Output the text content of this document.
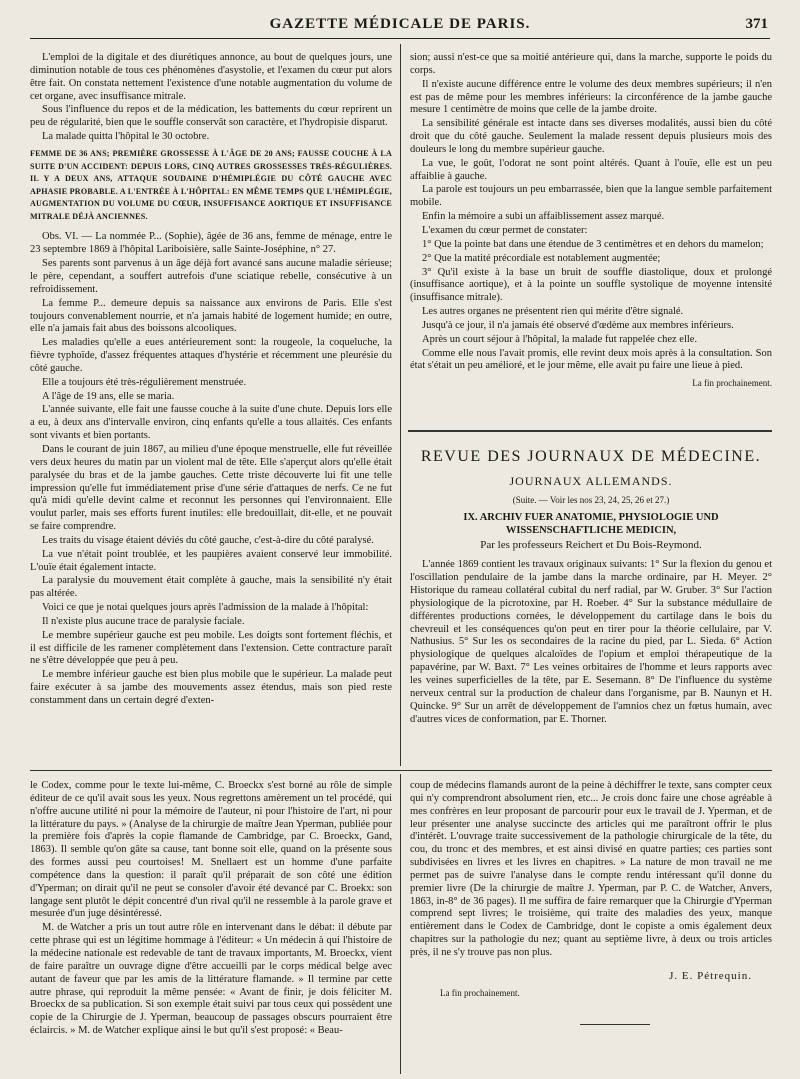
GAZETTE MÉDICALE DE PARIS.	371

L'emploi de la digitale et des diurétiques annonce, au bout de quelques jours, une diminution notable de tous ces phénomènes d'asystolie, et l'examen du cœur put alors être fait. On constata nettement l'existence d'une notable augmentation du volume de cet organe, avec insuffisance mitrale.

Sous l'influence du repos et de la médication, les battements du cœur reprirent un peu de régularité, bien que le souffle conservât son caractère, et l'hydropisie disparut.

La malade quitta l'hôpital le 30 octobre.

FEMME DE 36 ANS; PREMIÈRE GROSSESSE À L'ÂGE DE 20 ANS; FAUSSE COUCHE À LA SUITE D'UN ACCIDENT: DEPUIS LORS, CINQ AUTRES GROSSESSES TRÈS-RÉGULIÈRES. IL Y A DEUX ANS, ATTAQUE SOUDAINE D'HÉMIPLÉGIE DU CÔTÉ GAUCHE AVEC APHASIE PROBABLE. A L'ENTRÉE À L'HÔPITAL: EN MÊME TEMPS QUE L'HÉMIPLÉGIE, AUGMENTATION DU VOLUME DU CŒUR, INSUFFISANCE AORTIQUE ET INSUFFISANCE MITRALE DÉJÀ ANCIENNES.

Obs. VI. — La nommée P... (Sophie), âgée de 36 ans, femme de ménage, entre le 23 septembre 1869 à l'hôpital Lariboisière, salle Sainte-Joséphine, n° 27.

Ses parents sont parvenus à un âge déjà fort avancé sans aucune maladie sérieuse; le père, cependant, a souffert autrefois d'une sciatique rebelle, consécutive à un refroidissement.

La femme P... demeure depuis sa naissance aux environs de Paris. Elle s'est toujours convenablement nourrie, et n'a jamais habité de logement humide; en outre, elle n'a jamais fait abus des boissons alcooliques.

Les maladies qu'elle a eues antérieurement sont: la rougeole, la coqueluche, la fièvre typhoïde, d'assez fréquentes attaques d'hystérie et récemment une pleurésie du côté gauche.

Elle a toujours été très-régulièrement menstruée.

A l'âge de 19 ans, elle se maria.

L'année suivante, elle fait une fausse couche à la suite d'une chute. Depuis lors elle a eu, à deux ans d'intervalle environ, cinq enfants qu'elle a tous allaités. Ces enfants sont vivants et bien portants.

Dans le courant de juin 1867, au milieu d'une époque menstruelle, elle fut réveillée vers deux heures du matin par un violent mal de tête. Elle s'aperçut alors qu'elle était paralysée du bras et de la jambe gauches. Cette triste découverte lui fit une telle impression qu'elle fut immédiatement prise d'une série d'attaques de nerfs. Ce ne fut qu'à midi qu'elle devint calme et reconnut les personnes qui l'environnaient. Elle voulut parler, mais ses efforts furent inutiles: elle bredouillait, dit-elle, et ne pouvait se faire comprendre.

Les traits du visage étaient déviés du côté gauche, c'est-à-dire du côté paralysé.

La vue n'était point troublée, et les paupières avaient conservé leur immobilité. L'ouïe était également intacte.

La paralysie du mouvement était complète à gauche, mais la sensibilité n'y était pas altérée.

Voici ce que je notai quelques jours après l'admission de la malade à l'hôpital:

Il n'existe plus aucune trace de paralysie faciale.

Le membre supérieur gauche est peu mobile. Les doigts sont fortement fléchis, et il est difficile de les ramener complètement dans l'extension. Cette contracture paraît ne s'être développée que peu à peu.

Le membre inférieur gauche est bien plus mobile que le supérieur. La malade peut faire exécuter à sa jambe des mouvements assez étendus, mais son pied reste constamment dans un certain degré d'exten-

sion; aussi n'est-ce que sa moitié antérieure qui, dans la marche, supporte le poids du corps.

Il n'existe aucune différence entre le volume des deux membres supérieurs; il n'en est pas de même pour les membres inférieurs: la circonférence de la jambe gauche mesure 1 centimètre de moins que celle de la jambe droite.

La sensibilité générale est intacte dans ses diverses modalités, aussi bien du côté droit que du côté gauche. Seulement la malade ressent depuis plusieurs mois des douleurs le long du membre supérieur gauche.

La vue, le goût, l'odorat ne sont point altérés. Quant à l'ouïe, elle est un peu affaiblie à gauche.

La parole est toujours un peu embarrassée, bien que la langue semble parfaitement mobile.

Enfin la mémoire a subi un affaiblissement assez marqué.

L'examen du cœur permet de constater:

1° Que la pointe bat dans une étendue de 3 centimètres et en dehors du mamelon;

2° Que la matité précordiale est notablement augmentée;

3° Qu'il existe à la base un bruit de souffle diastolique, doux et prolongé (insuffisance aortique), et à la pointe un souffle systolique de moyenne intensité (insuffisance mitrale).

Les autres organes ne présentent rien qui mérite d'être signalé.

Jusqu'à ce jour, il n'a jamais été observé d'œdème aux membres inférieurs.

Après un court séjour à l'hôpital, la malade fut rappelée chez elle.

Comme elle nous l'avait promis, elle revint deux mois après à la consultation. Son état s'était un peu amélioré, et le jour même, elle avait pu faire une lieue à pied.

La fin prochainement.
REVUE DES JOURNAUX DE MÉDECINE.
JOURNAUX ALLEMANDS.
(Suite. — Voir les nos 23, 24, 25, 26 et 27.)
IX. ARCHIV FUER ANATOMIE, PHYSIOLOGIE UND WISSENSCHAFTLICHE MEDICIN,
Par les professeurs Reichert et Du Bois-Reymond.

L'année 1869 contient les travaux originaux suivants: 1° Sur la flexion du genou et l'oscillation pendulaire de la jambe dans la marche ordinaire, par H. Meyer. 2° Historique du rameau collatéral cubital du nerf radial, par W. Gruber. 3° Sur l'action physiologique de la picrotoxine, par H. Roeber. 4° Sur la substance médullaire de différentes productions cornées, le développement du cartilage dans le bois du chevreuil et les conséquences qu'on peut en tirer pour la théorie cellulaire, par V. Nathusius. 5° Sur les os secondaires de la racine du pied, par L. Sieda. 6° Action physiologique de quelques alcaloïdes de l'opium et emploi thérapeutique de la papavérine, par W. Baxt. 7° Les veines orbitaires de l'homme et leurs rapports avec les veines superficielles de la tête, par E. Sesemann. 8° De l'influence du système nerveux central sur la production de chaleur dans l'organisme, par B. Naunyn et H. Quincke. 9° Sur un arrêt de développement de l'amnios chez un fœtus humain, avec d'autres vices de conformation, par E. Thorner.

le Codex, comme pour le texte lui-même, C. Broeckx s'est borné au rôle de simple éditeur de ce qu'il avait sous les yeux. Nous regrettons amèrement un tel procédé, qui n'offre aucune utilité ni pour la mémoire de l'auteur, ni pour l'histoire de l'art, ni pour la littérature du pays. » (Analyse de la chirurgie de maître Jean Yperman, publiée pour la première fois d'après la copie flamande de Cambridge, par C. Broeckx, Gand, 1863). Il semble qu'on gâte sa cause, tant bonne soit elle, quand on la présente sous des formes aussi peu courtoises! M. Snellaert est un homme d'une parfaite compétence dans la question: il paraît qu'il préparait de son côté une édition d'Yperman; on dirait qu'il ne peut se consoler d'avoir été devancé par C. Broekx: son langage sent plutôt le dépit concentré d'un rival qu'il ne ressemble à la parole grave et mesurée d'un juge désintéressé.

M. de Watcher a pris un tout autre rôle en intervenant dans le débat: il débute par cette phrase qui est un légitime hommage à l'éditeur: « Un médecin à qui l'histoire de la médecine nationale est redevable de tant de travaux importants, M. Broeckx, vient de faire paraître un ouvrage digne d'être accueilli par le corps médical belge avec autant de faveur que par les amis de la littérature flamande. » Il termine par cette autre phrase, qui reproduit la même pensée: « Avant de finir, je dois féliciter M. Broeckx de sa publication. Si son exemple était suivi par tous ceux qui possèdent une copie de la Chirurgie de J. Yperman, beaucoup de passages obscurs pourraient être éclaircis. » M. de Watcher explique ainsi le but qu'il s'est proposé: « Beau-

coup de médecins flamands auront de la peine à déchiffrer le texte, sans compter ceux qui n'y comprendront absolument rien, etc... Je crois donc faire une chose agréable à mes confrères en leur proposant de parcourir pour eux le travail de J. Yperman, et de leur présenter une analyse succincte des articles qui me paraîtront offrir le plus d'intérêt. L'ouvrage traite successivement de la pathologie chirurgicale de la tête, du cou, du tronc et des membres, et est ainsi divisé en quatre parties; ces parties sont subdivisées en livres et les livres en chapitres. » La nature de mon travail ne me permet pas de suivre l'analyse dans le compte rendu intéressant qu'il donne du premier livre (De la chirurgie de maître J. Yperman, par P. C. de Watcher, Anvers, 1863, in-8° de 36 pages). Il me suffira de faire remarquer que la Chirurgie d'Yperman comprend sept livres; le troisième, qui traite des maladies des yeux, manque entièrement dans le Codex de Cambridge, dont le copiste a omis également deux chapitres sur la pathologie du nez; quant au septième livre, à deux ou trois articles près, il ne s'y trouve pas non plus.

J. E. Pétrequin.
La fin prochainement.
